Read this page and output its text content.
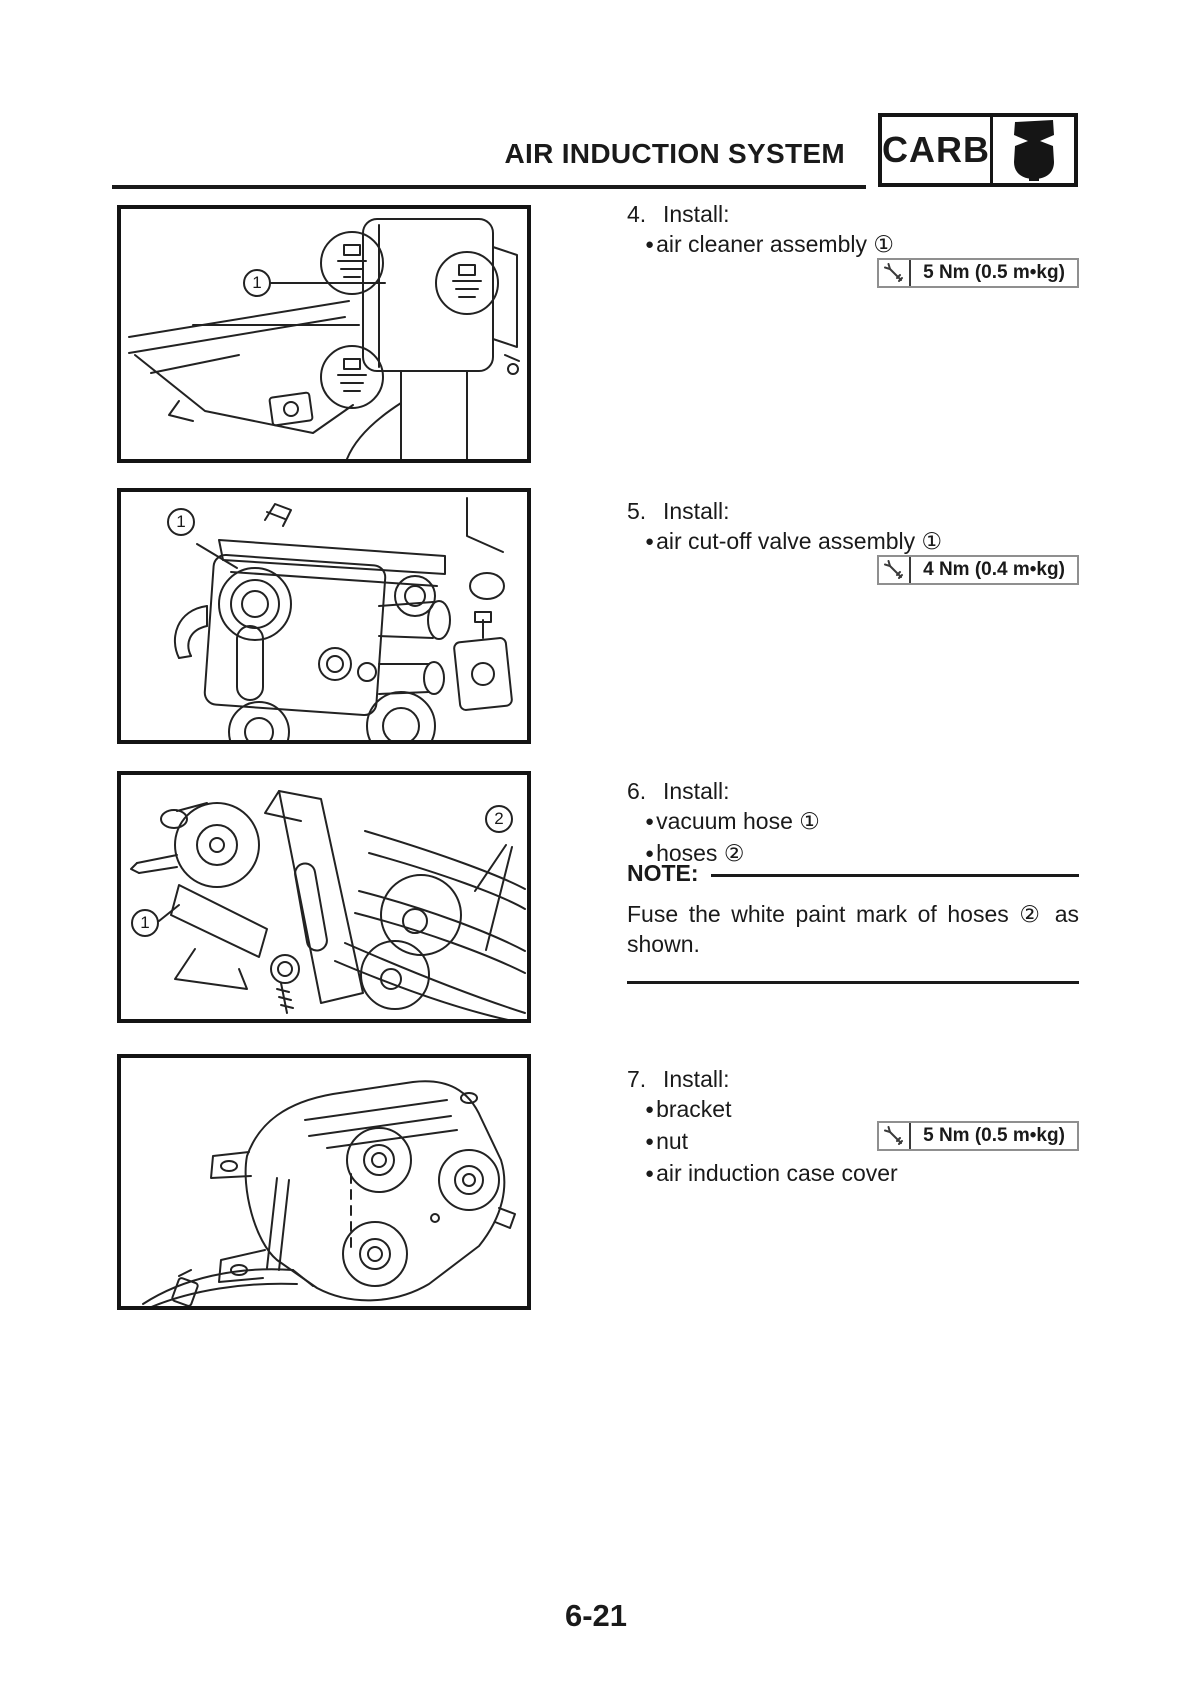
AIR INDUCTION SYSTEM CARB
1
1
1
2
4. Install:
● air cleaner assembly ①
5 Nm (0.5 m•kg)
5. Install:
● air cut-off valve assembly ①
4 Nm (0.4 m•kg)
6. Install:
● vacuum hose ①
● hoses ②
NOTE:
Fuse the white paint mark of hoses ② as
shown.
7. Install:
● bracket
● nut
● air induction case cover
5 Nm (0.5 m•kg)
6-21
